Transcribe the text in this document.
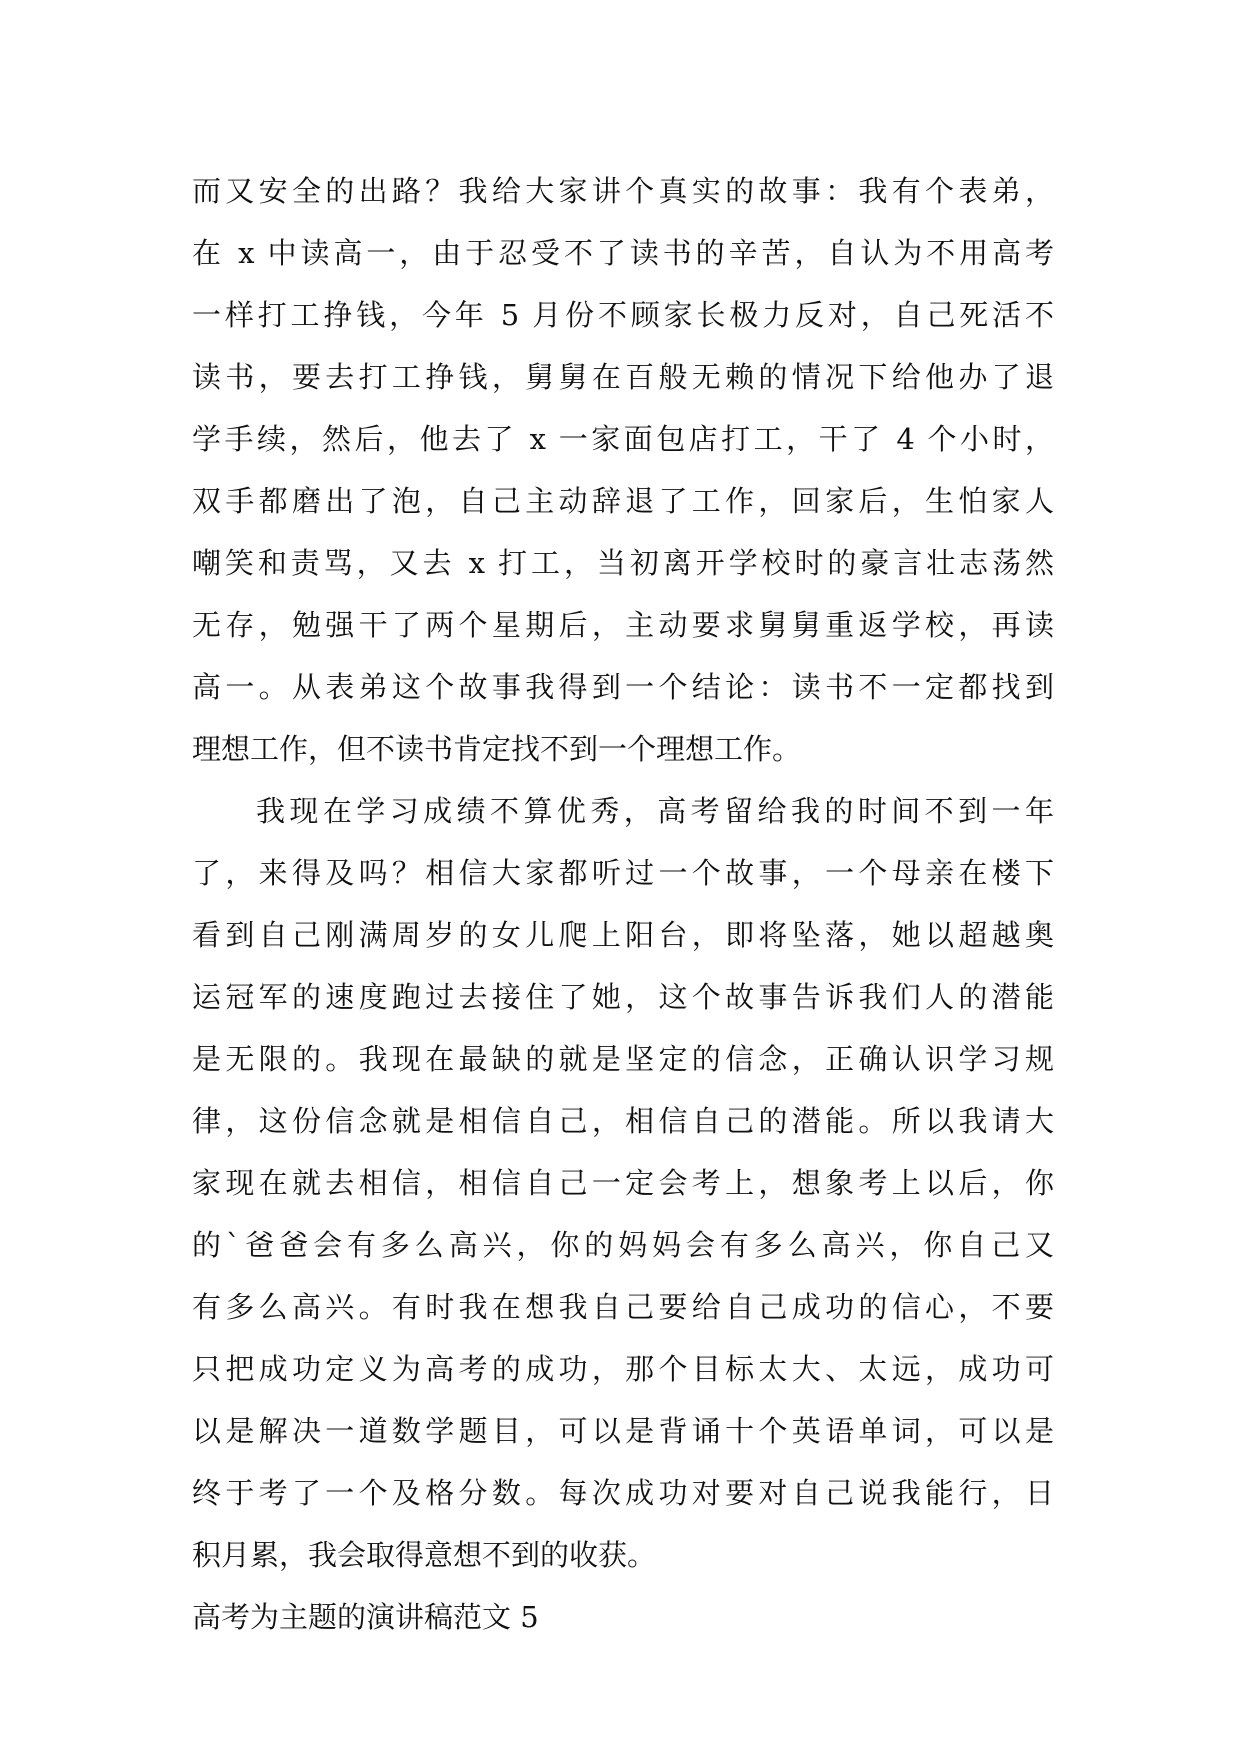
而又安全的出路？我给大家讲个真实的故事：我有个表弟，
在 x 中读高一，由于忍受不了读书的辛苦，自认为不用高考
一样打工挣钱，今年 5 月份不顾家长极力反对，自己死活不
读书，要去打工挣钱，舅舅在百般无赖的情况下给他办了退
学手续，然后，他去了 x 一家面包店打工，干了 4 个小时，
双手都磨出了泡，自己主动辞退了工作，回家后，生怕家人
嘲笑和责骂，又去 x 打工，当初离开学校时的豪言壮志荡然
无存，勉强干了两个星期后，主动要求舅舅重返学校，再读
高一。从表弟这个故事我得到一个结论：读书不一定都找到
理想工作，但不读书肯定找不到一个理想工作。
我现在学习成绩不算优秀，高考留给我的时间不到一年
了，来得及吗？相信大家都听过一个故事，一个母亲在楼下
看到自己刚满周岁的女儿爬上阳台，即将坠落，她以超越奥
运冠军的速度跑过去接住了她，这个故事告诉我们人的潜能
是无限的。我现在最缺的就是坚定的信念，正确认识学习规
律，这份信念就是相信自己，相信自己的潜能。所以我请大
家现在就去相信，相信自己一定会考上，想象考上以后，你
的`爸爸会有多么高兴，你的妈妈会有多么高兴，你自己又
有多么高兴。有时我在想我自己要给自己成功的信心，不要
只把成功定义为高考的成功，那个目标太大、太远，成功可
以是解决一道数学题目，可以是背诵十个英语单词，可以是
终于考了一个及格分数。每次成功对要对自己说我能行，日
积月累，我会取得意想不到的收获。
高考为主题的演讲稿范文 5
